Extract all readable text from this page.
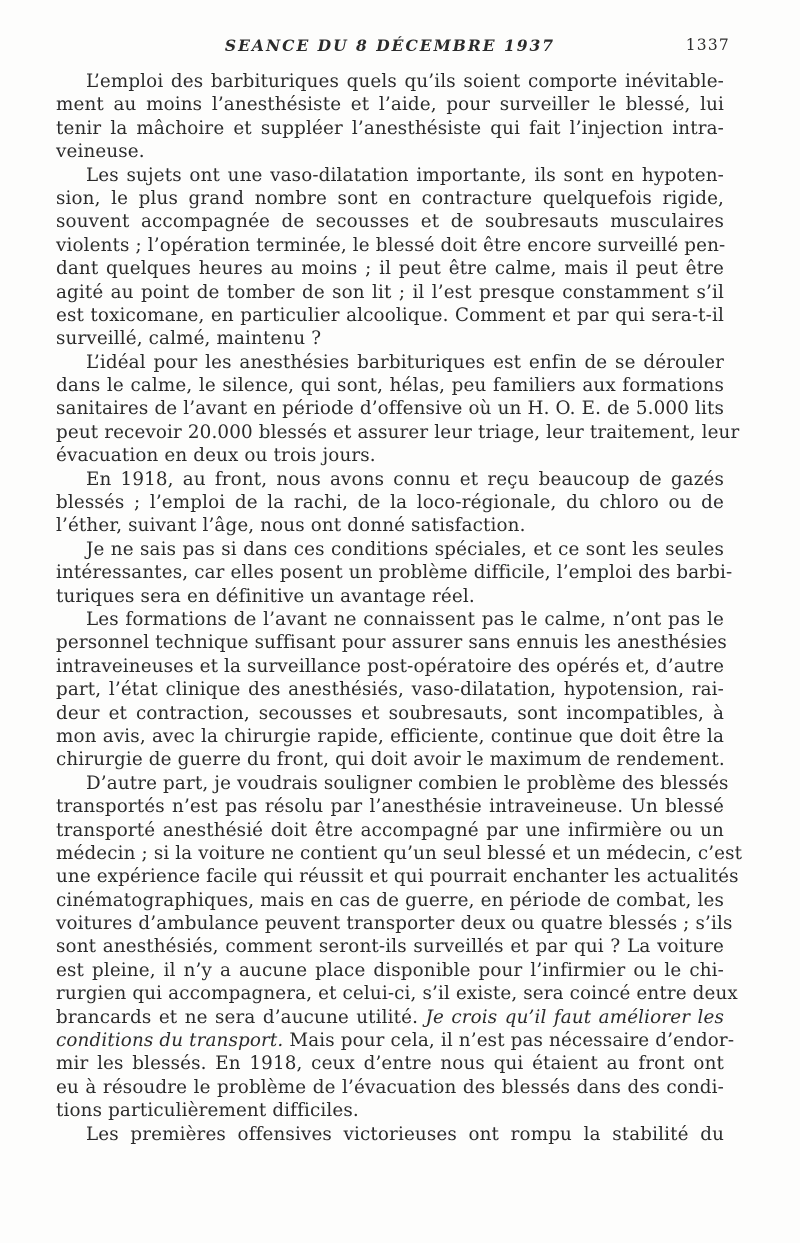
SEANCE DU 8 DÉCEMBRE 1937	1337
L’emploi des barbituriques quels qu’ils soient comporte inévitable-
ment au moins l’anesthésiste et l’aide, pour surveiller le blessé, lui
tenir la mâchoire et suppléer l’anesthésiste qui fait l’injection intra-
veineuse.
Les sujets ont une vaso-dilatation importante, ils sont en hypoten-
sion, le plus grand nombre sont en contracture quelquefois rigide,
souvent accompagnée de secousses et de soubresauts musculaires
violents ; l’opération terminée, le blessé doit être encore surveillé pen-
dant quelques heures au moins ; il peut être calme, mais il peut être
agité au point de tomber de son lit ; il l’est presque constamment s’il
est toxicomane, en particulier alcoolique. Comment et par qui sera-t-il
surveillé, calmé, maintenu ?
L’idéal pour les anesthésies barbituriques est enfin de se dérouler
dans le calme, le silence, qui sont, hélas, peu familiers aux formations
sanitaires de l’avant en période d’offensive où un H. O. E. de 5.000 lits
peut recevoir 20.000 blessés et assurer leur triage, leur traitement, leur
évacuation en deux ou trois jours.
En 1918, au front, nous avons connu et reçu beaucoup de gazés
blessés ; l’emploi de la rachi, de la loco-régionale, du chloro ou de
l’éther, suivant l’âge, nous ont donné satisfaction.
Je ne sais pas si dans ces conditions spéciales, et ce sont les seules
intéressantes, car elles posent un problème difficile, l’emploi des barbi-
turiques sera en définitive un avantage réel.
Les formations de l’avant ne connaissent pas le calme, n’ont pas le
personnel technique suffisant pour assurer sans ennuis les anesthésies
intraveineuses et la surveillance post-opératoire des opérés et, d’autre
part, l’état clinique des anesthésiés, vaso-dilatation, hypotension, rai-
deur et contraction, secousses et soubresauts, sont incompatibles, à
mon avis, avec la chirurgie rapide, efficiente, continue que doit être la
chirurgie de guerre du front, qui doit avoir le maximum de rendement.
D’autre part, je voudrais souligner combien le problème des blessés
transportés n’est pas résolu par l’anesthésie intraveineuse. Un blessé
transporté anesthésié doit être accompagné par une infirmière ou un
médecin ; si la voiture ne contient qu’un seul blessé et un médecin, c’est
une expérience facile qui réussit et qui pourrait enchanter les actualités
cinématographiques, mais en cas de guerre, en période de combat, les
voitures d’ambulance peuvent transporter deux ou quatre blessés ; s’ils
sont anesthésiés, comment seront-ils surveillés et par qui ? La voiture
est pleine, il n’y a aucune place disponible pour l’infirmier ou le chi-
rurgien qui accompagnera, et celui-ci, s’il existe, sera coincé entre deux
brancards et ne sera d’aucune utilité. Je crois qu’il faut améliorer les
conditions du transport. Mais pour cela, il n’est pas nécessaire d’endor-
mir les blessés. En 1918, ceux d’entre nous qui étaient au front ont
eu à résoudre le problème de l’évacuation des blessés dans des condi-
tions particulièrement difficiles.
Les premières offensives victorieuses ont rompu la stabilité du
